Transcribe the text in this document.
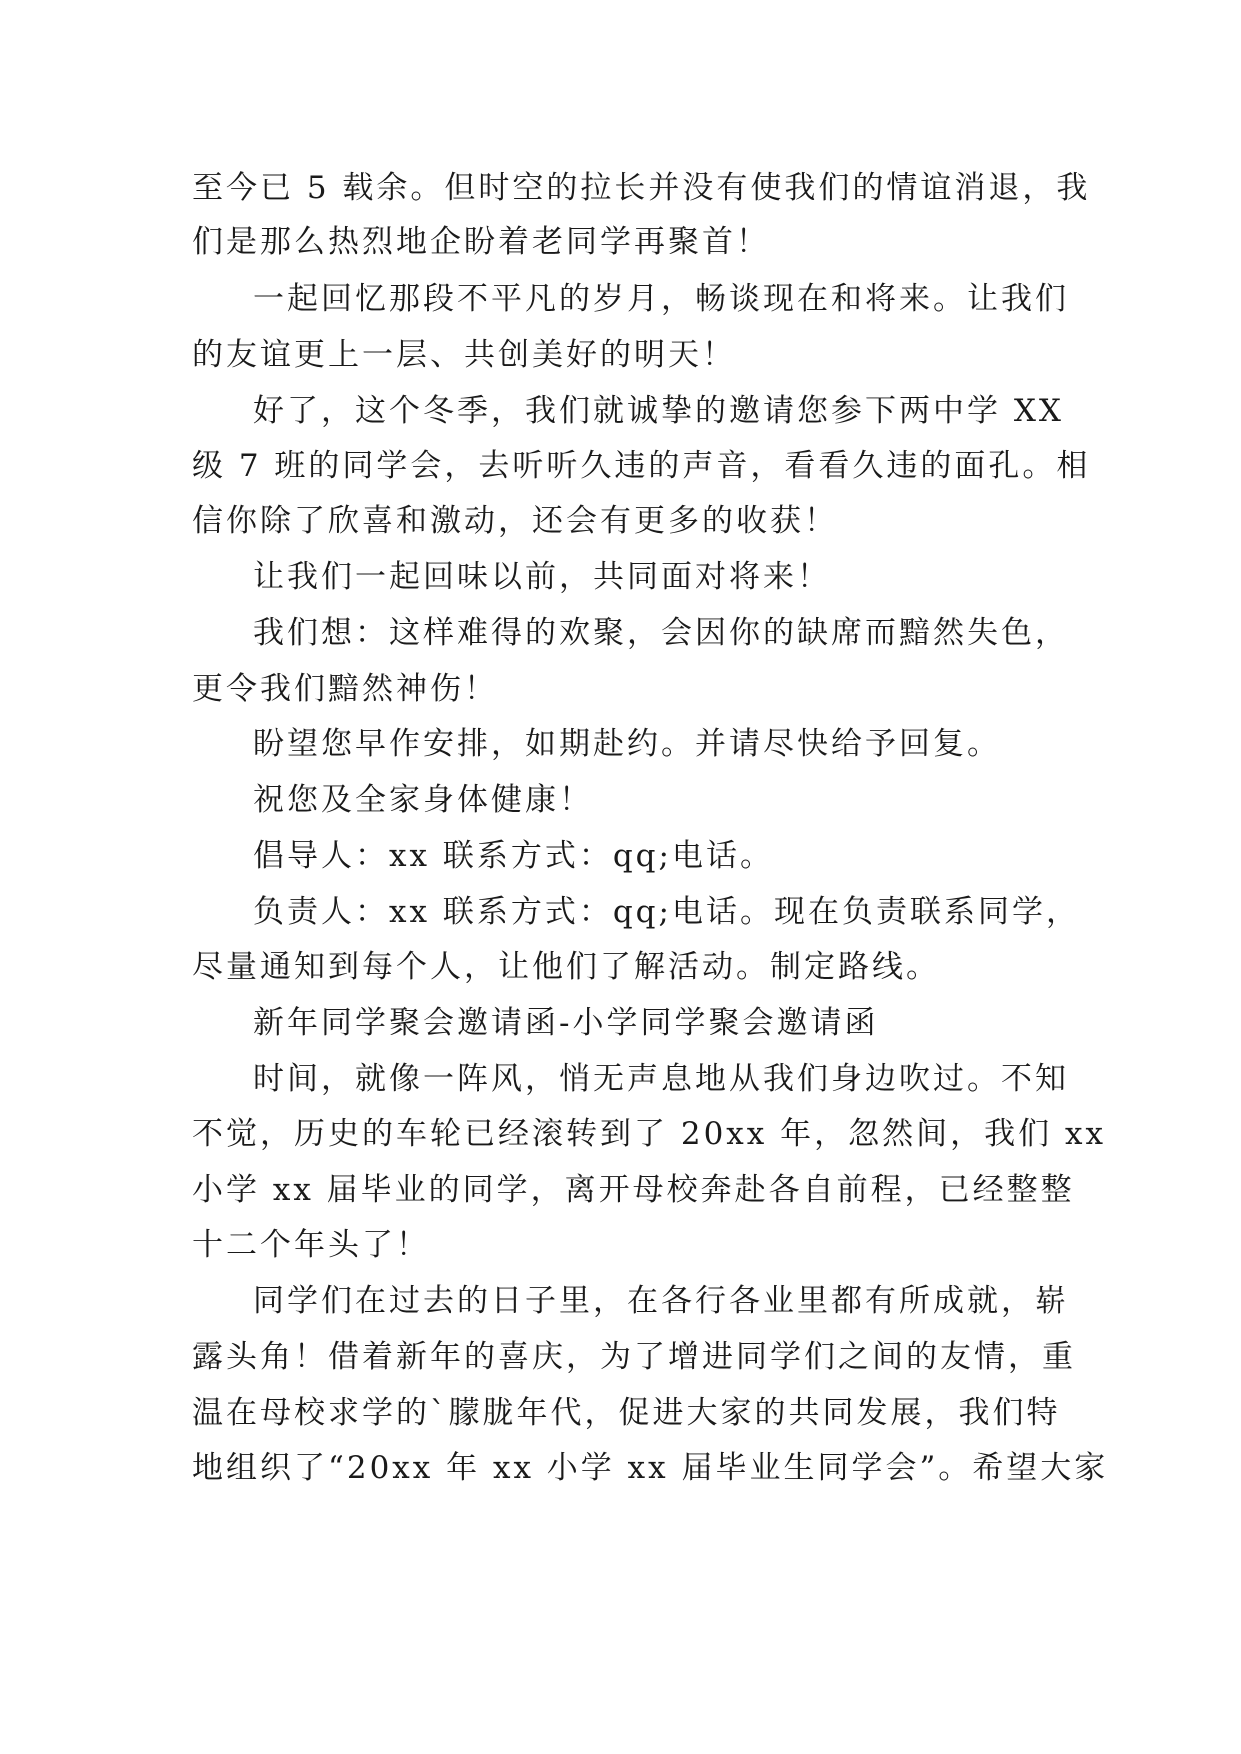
至今已 5 载余。但时空的拉长并没有使我们的情谊消退，我
们是那么热烈地企盼着老同学再聚首！
一起回忆那段不平凡的岁月，畅谈现在和将来。让我们
的友谊更上一层、共创美好的明天！
好了，这个冬季，我们就诚挚的邀请您参下两中学 XX
级 7 班的同学会，去听听久违的声音，看看久违的面孔。相
信你除了欣喜和激动，还会有更多的收获！
让我们一起回味以前，共同面对将来！
我们想：这样难得的欢聚，会因你的缺席而黯然失色，
更令我们黯然神伤！
盼望您早作安排，如期赴约。并请尽快给予回复。
祝您及全家身体健康！
倡导人：xx 联系方式：qq;电话。
负责人：xx 联系方式：qq;电话。现在负责联系同学，
尽量通知到每个人，让他们了解活动。制定路线。
新年同学聚会邀请函-小学同学聚会邀请函
时间，就像一阵风，悄无声息地从我们身边吹过。不知
不觉，历史的车轮已经滚转到了 20xx 年，忽然间，我们 xx
小学 xx 届毕业的同学，离开母校奔赴各自前程，已经整整
十二个年头了！
同学们在过去的日子里，在各行各业里都有所成就，崭
露头角！借着新年的喜庆，为了增进同学们之间的友情，重
温在母校求学的`朦胧年代，促进大家的共同发展，我们特
地组织了“20xx 年 xx 小学 xx 届毕业生同学会”。希望大家
